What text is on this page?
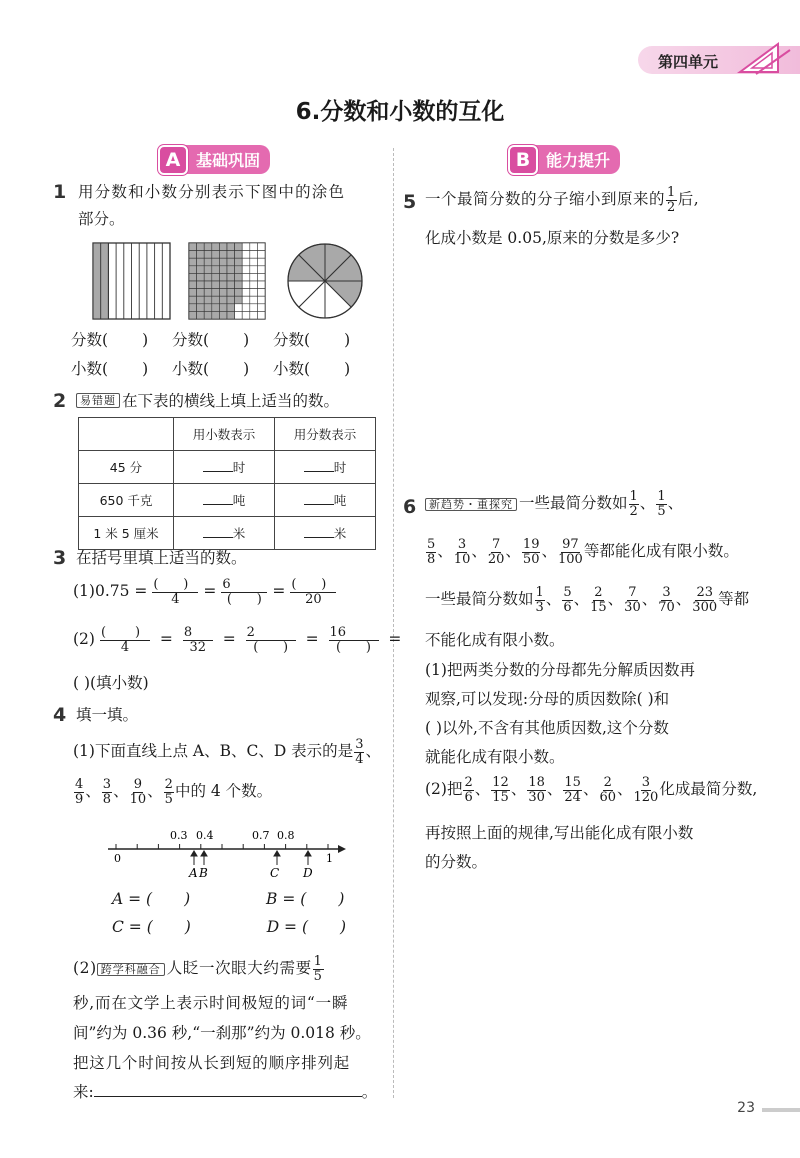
第四单元
6.分数和小数的互化
A 基础巩固	B 能力提升
1 用分数和小数分别表示下图中的涂色
部分。
分数( ) 分数( ) 分数( )
小数( ) 小数( ) 小数( )
2	易错题 在下表的横线上填上适当的数。
	用小数表示	用分数表示
45 分	时	时
650 千克	吨	吨
1 米 5 厘米	米	米
3 在括号里填上适当的数。
$(1)0.75 = \frac{( )}{4} = \frac{6}{( )} = \frac{( )}{20}$
$(2) \frac{( )}{4} = \frac{8}{32} = \frac{2}{( )} = \frac{16}{( )}$ =
( )(填小数)
4 填一填。
(1)下面直线上点 A、B、C、D 表示的是 $\frac{3}{4}$ 、
$\frac{4}{9}$ 、 $\frac{3}{8}$ 、 $\frac{9}{10}$ 、 $\frac{2}{5}$ 中的 4 个数。
0	1
0.3 0.4	0.7 0.8
A B	C D
A = ( )	B = ( )
C = ( )	D = ( )
(2) 跨学科融合 人眨一次眼大约需要 $\frac{1}{5}$
秒,而在文学上表示时间极短的词“一瞬
间”约为 0.36 秒,“一刹那”约为 0.018 秒。
把这几个时间按从长到短的顺序排列起
来:	。
5 一个最简分数的分子缩小到原来的 $\frac{1}{2}$ 后,
化成小数是 0.05,原来的分数是多少?
6	新趋势・重探究 一些最简分数如 $\frac{1}{2}$ 、 $\frac{1}{5}$ 、
$\frac{5}{8}$ 、 $\frac{3}{10}$ 、 $\frac{7}{20}$ 、 $\frac{19}{50}$ 、 $\frac{97}{100}$ 等都能化成有限小数。
一些最简分数如 $\frac{1}{3}$ 、 $\frac{5}{6}$ 、 $\frac{2}{15}$ 、 $\frac{7}{30}$ 、 $\frac{3}{70}$ 、 $\frac{23}{300}$ 等都
不能化成有限小数。
(1)把两类分数的分母都先分解质因数再
观察,可以发现:分母的质因数除( )和
( )以外,不含有其他质因数,这个分数
就能化成有限小数。
(2)把 $\frac{2}{6}$ 、 $\frac{12}{15}$ 、 $\frac{18}{30}$ 、 $\frac{15}{24}$ 、 $\frac{2}{60}$ 、 $\frac{3}{120}$ 化成最简分数,
再按照上面的规律,写出能化成有限小数
的分数。
23
